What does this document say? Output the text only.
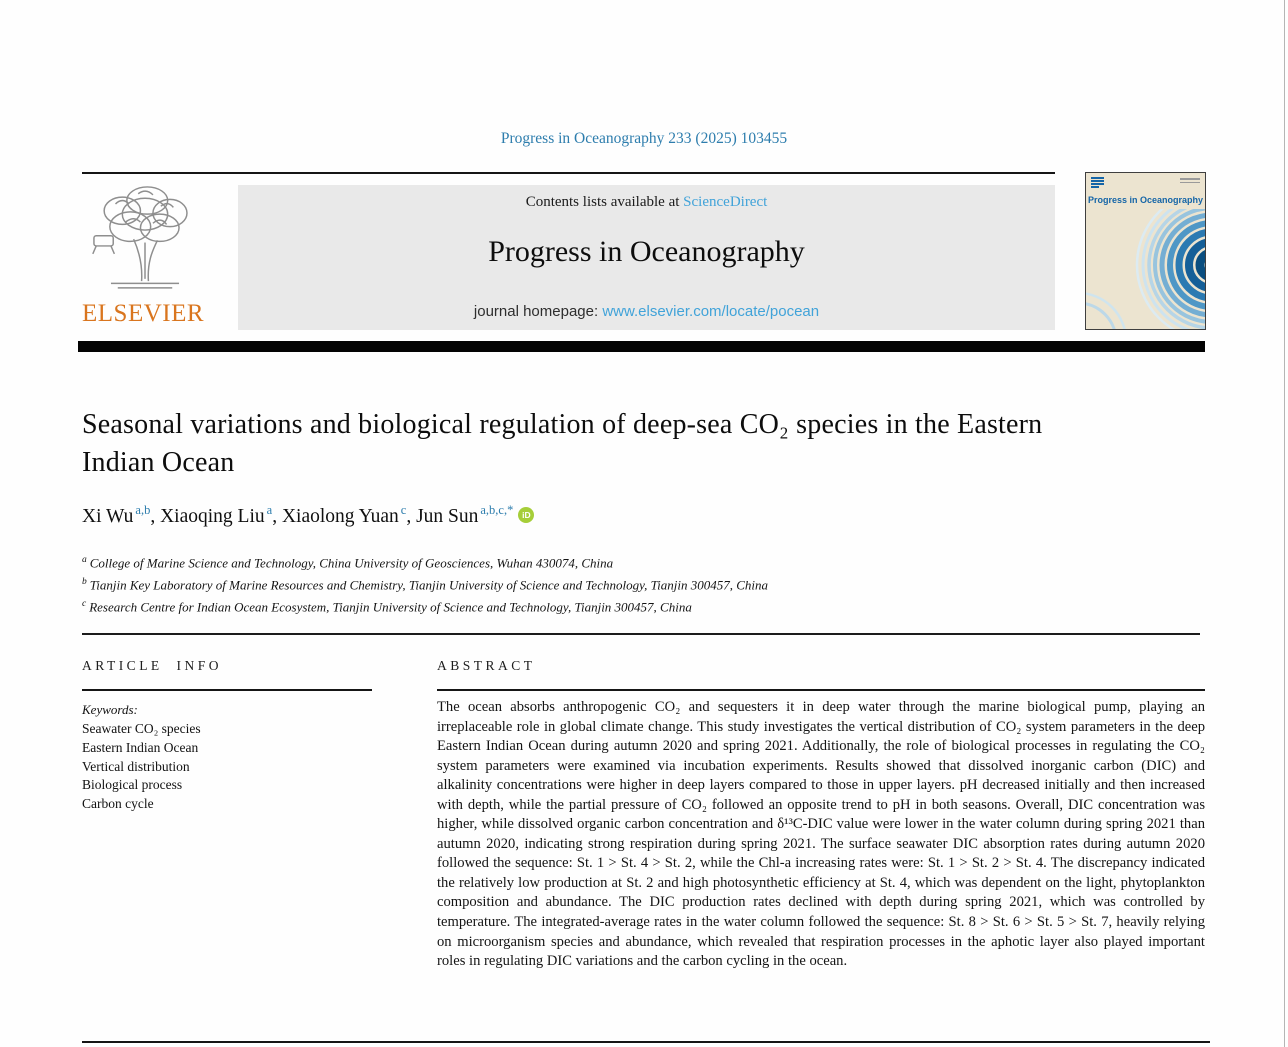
Progress in Oceanography 233 (2025) 103455
ELSEVIER
Contents lists available at ScienceDirect
Progress in Oceanography
journal homepage: www.elsevier.com/locate/pocean
Progress in Oceanography
Seasonal variations and biological regulation of deep-sea CO₂ species in the Eastern Indian Ocean
Xi Wu $^{a,b}$, Xiaoqing Liu $^a$, Xiaolong Yuan $^c$, Jun Sun $^{a,b,c,*}$ iD
$^a$ College of Marine Science and Technology, China University of Geosciences, Wuhan 430074, China
$^b$ Tianjin Key Laboratory of Marine Resources and Chemistry, Tianjin University of Science and Technology, Tianjin 300457, China
$^c$ Research Centre for Indian Ocean Ecosystem, Tianjin University of Science and Technology, Tianjin 300457, China
ARTICLE INFO
Keywords:
Seawater CO₂ species
Eastern Indian Ocean
Vertical distribution
Biological process
Carbon cycle
ABSTRACT
The ocean absorbs anthropogenic CO₂ and sequesters it in deep water through the marine biological pump, playing an irreplaceable role in global climate change. This study investigates the vertical distribution of CO₂ system parameters in the deep Eastern Indian Ocean during autumn 2020 and spring 2021. Additionally, the role of biological processes in regulating the CO₂ system parameters were examined via incubation experiments. Results showed that dissolved inorganic carbon (DIC) and alkalinity concentrations were higher in deep layers compared to those in upper layers. pH decreased initially and then increased with depth, while the partial pressure of CO₂ followed an opposite trend to pH in both seasons. Overall, DIC concentration was higher, while dissolved organic carbon concentration and δ¹³C-DIC value were lower in the water column during spring 2021 than autumn 2020, indicating strong respiration during spring 2021. The surface seawater DIC absorption rates during autumn 2020 followed the sequence: St. 1 > St. 4 > St. 2, while the Chl-a increasing rates were: St. 1 > St. 2 > St. 4. The discrepancy indicated the relatively low production at St. 2 and high photosynthetic efficiency at St. 4, which was dependent on the light, phytoplankton composition and abundance. The DIC production rates declined with depth during spring 2021, which was controlled by temperature. The integrated-average rates in the water column followed the sequence: St. 8 > St. 6 > St. 5 > St. 7, heavily relying on microorganism species and abundance, which revealed that respiration processes in the aphotic layer also played important roles in regulating DIC variations and the carbon cycling in the ocean.
